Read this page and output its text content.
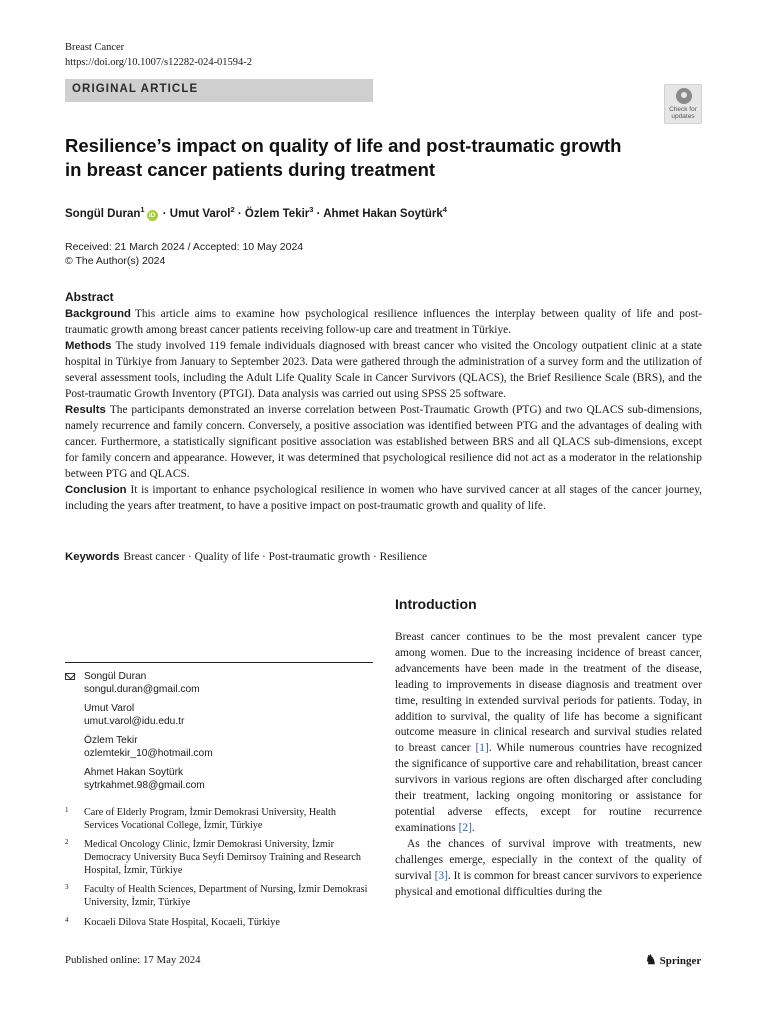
Breast Cancer
https://doi.org/10.1007/s12282-024-01594-2
ORIGINAL ARTICLE
Check for updates
Resilience’s impact on quality of life and post-traumatic growth
in breast cancer patients during treatment
Songül Duran$^1$iD · Umut Varol$^2$ · Özlem Tekir$^3$ · Ahmet Hakan Soytürk$^4$
Received: 21 March 2024 / Accepted: 10 May 2024
© The Author(s) 2024
Abstract

Background This article aims to examine how psychological resilience influences the interplay between quality of life and post-traumatic growth among breast cancer patients receiving follow-up care and treatment in Türkiye.

Methods The study involved 119 female individuals diagnosed with breast cancer who visited the Oncology outpatient clinic at a state hospital in Türkiye from January to September 2023. Data were gathered through the administration of a survey form and the utilization of several assessment tools, including the Adult Life Quality Scale in Cancer Survivors (QLACS), the Brief Resilience Scale (BRS), and the Post-traumatic Growth Inventory (PTGI). Data analysis was carried out using SPSS 25 software.

Results The participants demonstrated an inverse correlation between Post-Traumatic Growth (PTG) and two QLACS sub-dimensions, namely recurrence and family concern. Conversely, a positive association was identified between PTG and the advantages of dealing with cancer. Furthermore, a statistically significant positive association was established between BRS and all QLACS sub-dimensions, except for family concern and appearance. However, it was determined that psychological resilience did not act as a moderator in the relationship between PTG and QLACS.

Conclusion It is important to enhance psychological resilience in women who have survived cancer at all stages of the cancer journey, including the years after treatment, to have a positive impact on post-traumatic growth and quality of life.

Keywords Breast cancer · Quality of life · Post-traumatic growth · Resilience
Introduction

Breast cancer continues to be the most prevalent cancer type among women. Due to the increasing incidence of breast cancer, advancements have been made in the treatment of the disease, leading to improvements in disease diagnosis and treatment over time, resulting in extended survival periods for patients. Today, in addition to survival, the quality of life has become a significant outcome measure in clinical research and survival studies related to breast cancer [1]. While numerous countries have recognized the significance of supportive care and rehabilitation, breast cancer survivors in various regions are often discharged after concluding their treatment, lacking ongoing monitoring or assistance for potential adverse effects, except for routine recurrence examinations [2].

As the chances of survival improve with treatments, new challenges emerge, especially in the context of the quality of survival [3]. It is common for breast cancer survivors to experience physical and emotional difficulties during the

Songül Duran
songul.duran@gmail.com
Umut Varol
umut.varol@idu.edu.tr
Özlem Tekir
ozlemtekir_10@hotmail.com
Ahmet Hakan Soytürk
sytrkahmet.98@gmail.com
1 Care of Elderly Program, İzmir Demokrasi University, Health Services Vocational College, İzmir, Türkiye
2 Medical Oncology Clinic, İzmir Demokrasi University, İzmir Democracy University Buca Seyfi Demirsoy Training and Research Hospital, İzmir, Türkiye
3 Faculty of Health Sciences, Department of Nursing, İzmir Demokrasi University, İzmir, Türkiye
4 Kocaeli Dilova State Hospital, Kocaeli, Türkiye
Published online: 17 May 2024	♞ Springer
